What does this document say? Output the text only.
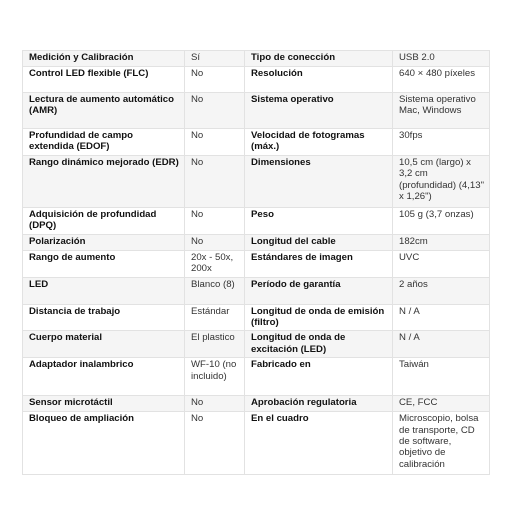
Medición y Calibración	Sí	Tipo de conección	USB 2.0
Control LED flexible (FLC)	No	Resolución	640 × 480 píxeles
Lectura de aumento automático (AMR)	No	Sistema operativo	Sistema operativo Mac, Windows
Profundidad de campo extendida (EDOF)	No	Velocidad de fotogramas (máx.)	30fps
Rango dinámico mejorado (EDR)	No	Dimensiones	10,5 cm (largo) x 3,2 cm (profundidad) (4,13" x 1,26")
Adquisición de profundidad (DPQ)	No	Peso	105 g (3,7 onzas)
Polarización	No	Longitud del cable	182cm
Rango de aumento	20x - 50x, 200x	Estándares de imagen	UVC
LED	Blanco (8)	Período de garantía	2 años
Distancia de trabajo	Estándar	Longitud de onda de emisión (filtro)	N / A
Cuerpo material	El plastico	Longitud de onda de excitación (LED)	N / A
Adaptador inalambrico	WF-10 (no incluido)	Fabricado en	Taiwán
Sensor microtáctil	No	Aprobación regulatoria	CE, FCC
Bloqueo de ampliación	No	En el cuadro	Microscopio, bolsa de transporte, CD de software, objetivo de calibración
